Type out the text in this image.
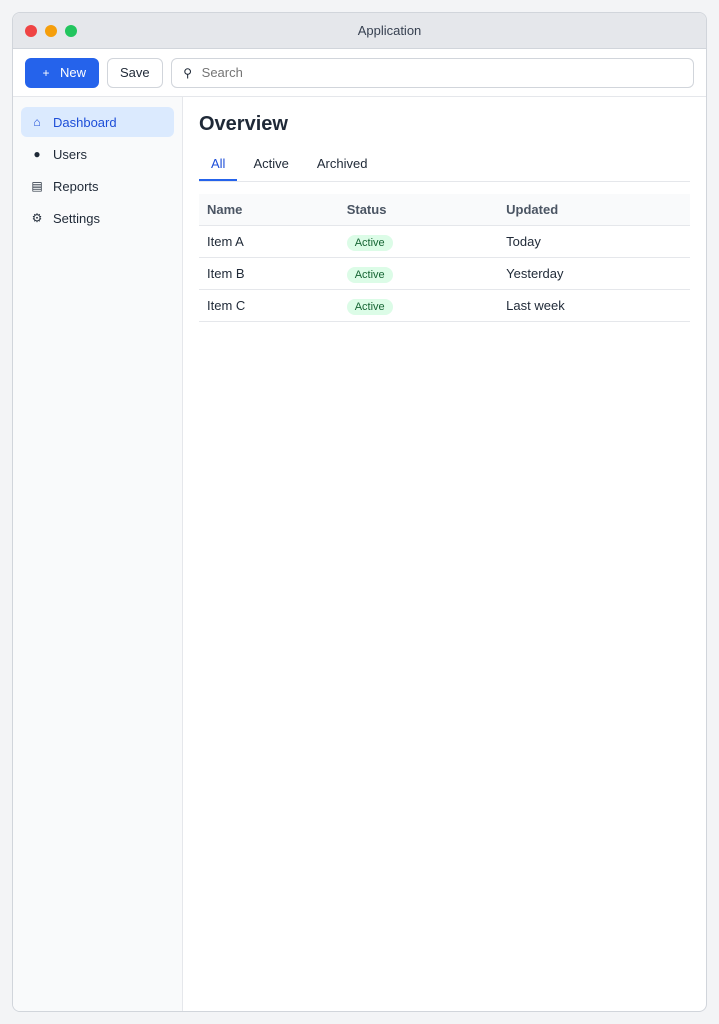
Application
+ New	Save	⚲
Search
⌂ Dashboard
● Users
▤ Reports
⚙ Settings
Overview
All	Active	Archived
Name	Status	Updated
Item A	Active	Today
Item B	Active	Yesterday
Item C	Active	Last week
